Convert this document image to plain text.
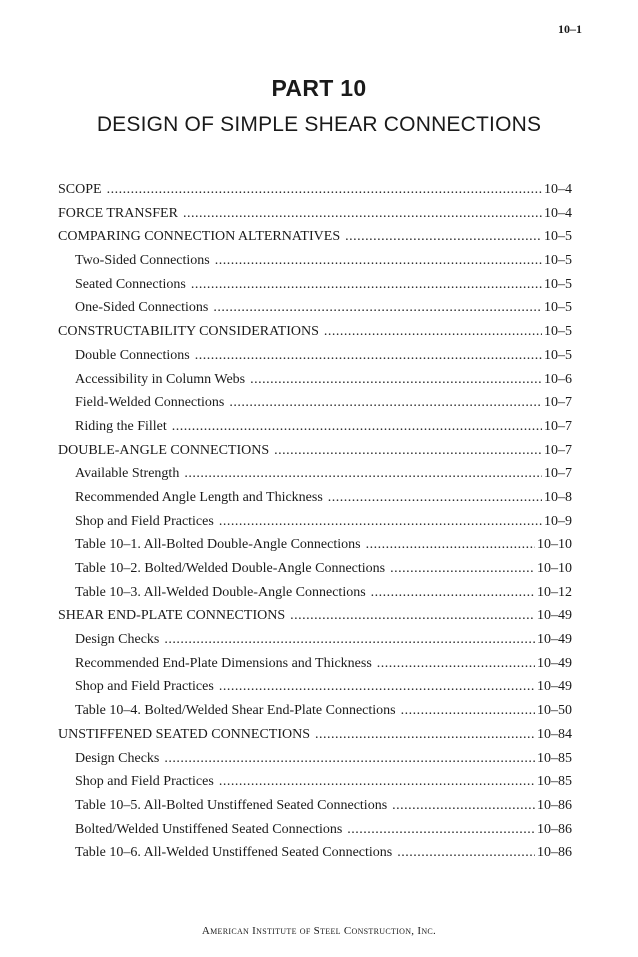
10–1
PART 10
DESIGN OF SIMPLE SHEAR CONNECTIONS
SCOPE . . .	10–4
FORCE TRANSFER . . .	10–4
COMPARING CONNECTION ALTERNATIVES . . .	10–5
Two-Sided Connections . . .	10–5
Seated Connections . . .	10–5
One-Sided Connections . . .	10–5
CONSTRUCTABILITY CONSIDERATIONS . . .	10–5
Double Connections . . .	10–5
Accessibility in Column Webs . . .	10–6
Field-Welded Connections . . .	10–7
Riding the Fillet . . .	10–7
DOUBLE-ANGLE CONNECTIONS . . .	10–7
Available Strength . . .	10–7
Recommended Angle Length and Thickness . . .	10–8
Shop and Field Practices . . .	10–9
Table 10–1. All-Bolted Double-Angle Connections . . .	10–10
Table 10–2. Bolted/Welded Double-Angle Connections . . .	10–10
Table 10–3. All-Welded Double-Angle Connections . . .	10–12
SHEAR END-PLATE CONNECTIONS . . .	10–49
Design Checks . . .	10–49
Recommended End-Plate Dimensions and Thickness . . .	10–49
Shop and Field Practices . . .	10–49
Table 10–4. Bolted/Welded Shear End-Plate Connections . . .	10–50
UNSTIFFENED SEATED CONNECTIONS . . .	10–84
Design Checks . . .	10–85
Shop and Field Practices . . .	10–85
Table 10–5. All-Bolted Unstiffened Seated Connections . . .	10–86
Bolted/Welded Unstiffened Seated Connections . . .	10–86
Table 10–6. All-Welded Unstiffened Seated Connections . . .	10–86
American Institute of Steel Construction, Inc.
